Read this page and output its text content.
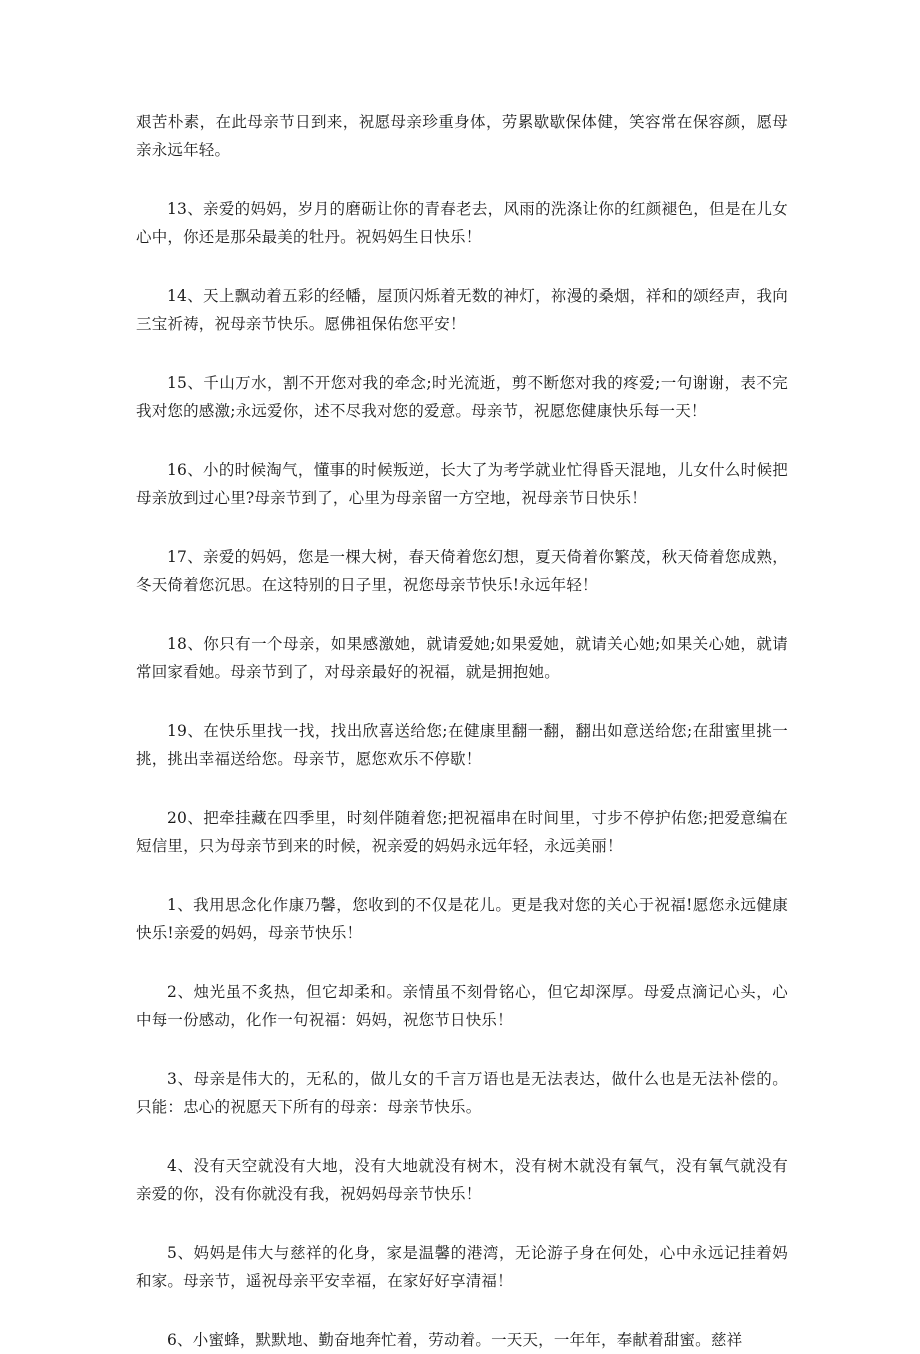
艰苦朴素，在此母亲节日到来，祝愿母亲珍重身体，劳累歇歇保体健，笑容常在保容颜，愿母亲永远年轻。

13、亲爱的妈妈，岁月的磨砺让你的青春老去，风雨的洗涤让你的红颜褪色，但是在儿女心中，你还是那朵最美的牡丹。祝妈妈生日快乐！

14、天上飘动着五彩的经幡，屋顶闪烁着无数的神灯，祢漫的桑烟，祥和的颂经声，我向三宝祈祷，祝母亲节快乐。愿佛祖保佑您平安！

15、千山万水，割不开您对我的牵念;时光流逝，剪不断您对我的疼爱;一句谢谢，表不完我对您的感激;永远爱你，述不尽我对您的爱意。母亲节，祝愿您健康快乐每一天！

16、小的时候淘气，懂事的时候叛逆，长大了为考学就业忙得昏天混地，儿女什么时候把母亲放到过心里?母亲节到了，心里为母亲留一方空地，祝母亲节日快乐！

17、亲爱的妈妈，您是一棵大树，春天倚着您幻想，夏天倚着你繁茂，秋天倚着您成熟，冬天倚着您沉思。在这特别的日子里，祝您母亲节快乐!永远年轻！

18、你只有一个母亲，如果感激她，就请爱她;如果爱她，就请关心她;如果关心她，就请常回家看她。母亲节到了，对母亲最好的祝福，就是拥抱她。

19、在快乐里找一找，找出欣喜送给您;在健康里翻一翻，翻出如意送给您;在甜蜜里挑一挑，挑出幸福送给您。母亲节，愿您欢乐不停歇！

20、把牵挂藏在四季里，时刻伴随着您;把祝福串在时间里，寸步不停护佑您;把爱意编在短信里，只为母亲节到来的时候，祝亲爱的妈妈永远年轻，永远美丽！

1、我用思念化作康乃馨，您收到的不仅是花儿。更是我对您的关心于祝福!愿您永远健康快乐!亲爱的妈妈，母亲节快乐！

2、烛光虽不炙热，但它却柔和。亲情虽不刻骨铭心，但它却深厚。母爱点滴记心头，心中每一份感动，化作一句祝福：妈妈，祝您节日快乐！

3、母亲是伟大的，无私的，做儿女的千言万语也是无法表达，做什么也是无法补偿的。只能：忠心的祝愿天下所有的母亲：母亲节快乐。

4、没有天空就没有大地，没有大地就没有树木，没有树木就没有氧气，没有氧气就没有亲爱的你，没有你就没有我，祝妈妈母亲节快乐！

5、妈妈是伟大与慈祥的化身，家是温馨的港湾，无论游子身在何处，心中永远记挂着妈和家。母亲节，遥祝母亲平安幸福，在家好好享清福！

6、小蜜蜂，默默地、勤奋地奔忙着，劳动着。一天天，一年年，奉献着甜蜜。慈祥
